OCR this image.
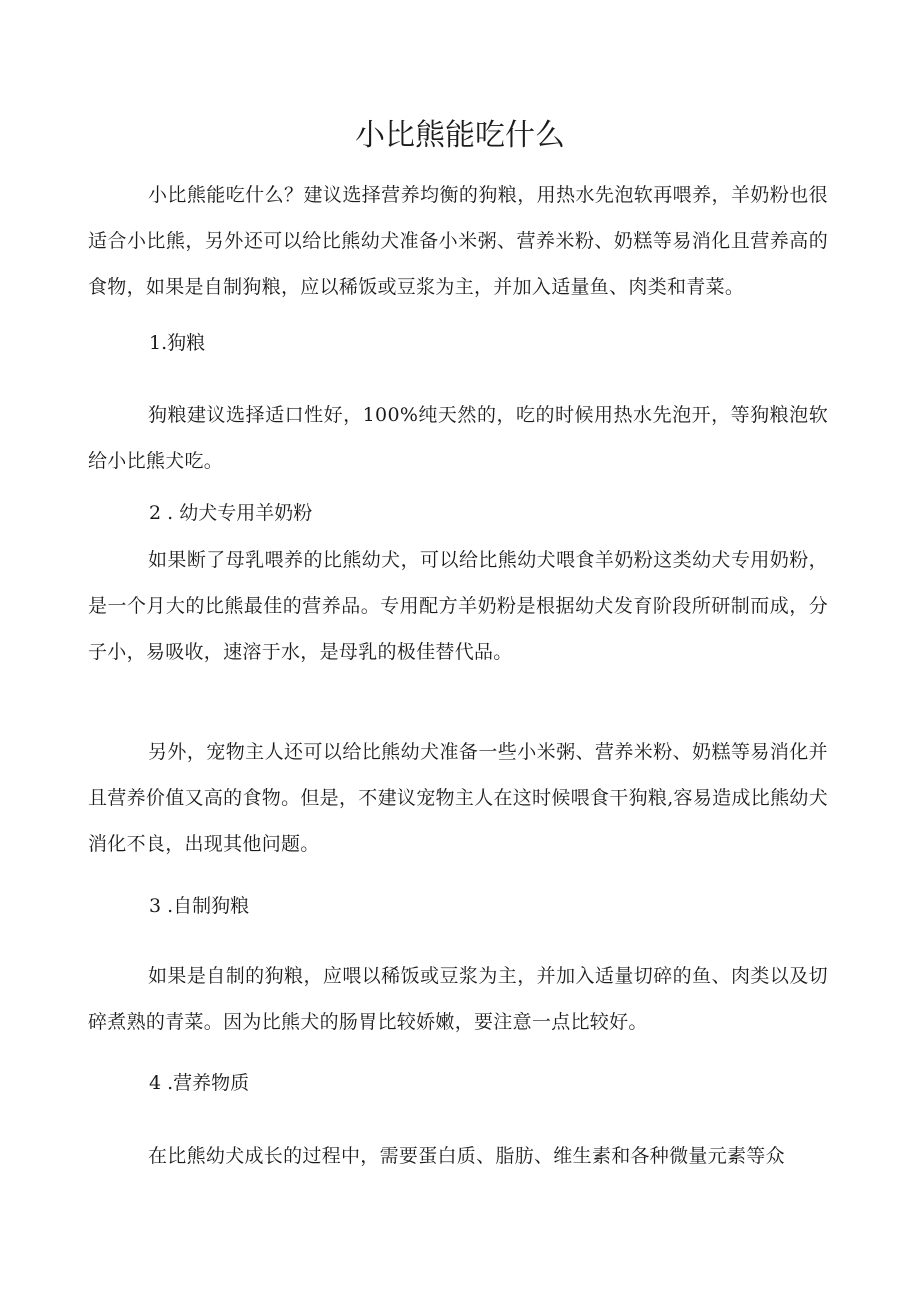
小比熊能吃什么

小比熊能吃什么？建议选择营养均衡的狗粮，用热水先泡软再喂养，羊奶粉也很适合小比熊，另外还可以给比熊幼犬准备小米粥、营养米粉、奶糕等易消化且营养高的食物，如果是自制狗粮，应以稀饭或豆浆为主，并加入适量鱼、肉类和青菜。

1.狗粮

狗粮建议选择适口性好，100%纯天然的，吃的时候用热水先泡开，等狗粮泡软给小比熊犬吃。

2 . 幼犬专用羊奶粉

如果断了母乳喂养的比熊幼犬，可以给比熊幼犬喂食羊奶粉这类幼犬专用奶粉，是一个月大的比熊最佳的营养品。专用配方羊奶粉是根据幼犬发育阶段所研制而成，分子小，易吸收，速溶于水，是母乳的极佳替代品。

另外，宠物主人还可以给比熊幼犬准备一些小米粥、营养米粉、奶糕等易消化并且营养价值又高的食物。但是，不建议宠物主人在这时候喂食干狗粮,容易造成比熊幼犬消化不良，出现其他问题。

3 .自制狗粮

如果是自制的狗粮，应喂以稀饭或豆浆为主，并加入适量切碎的鱼、肉类以及切碎煮熟的青菜。因为比熊犬的肠胃比较娇嫩，要注意一点比较好。

4 .营养物质

在比熊幼犬成长的过程中，需要蛋白质、脂肪、维生素和各种微量元素等众
